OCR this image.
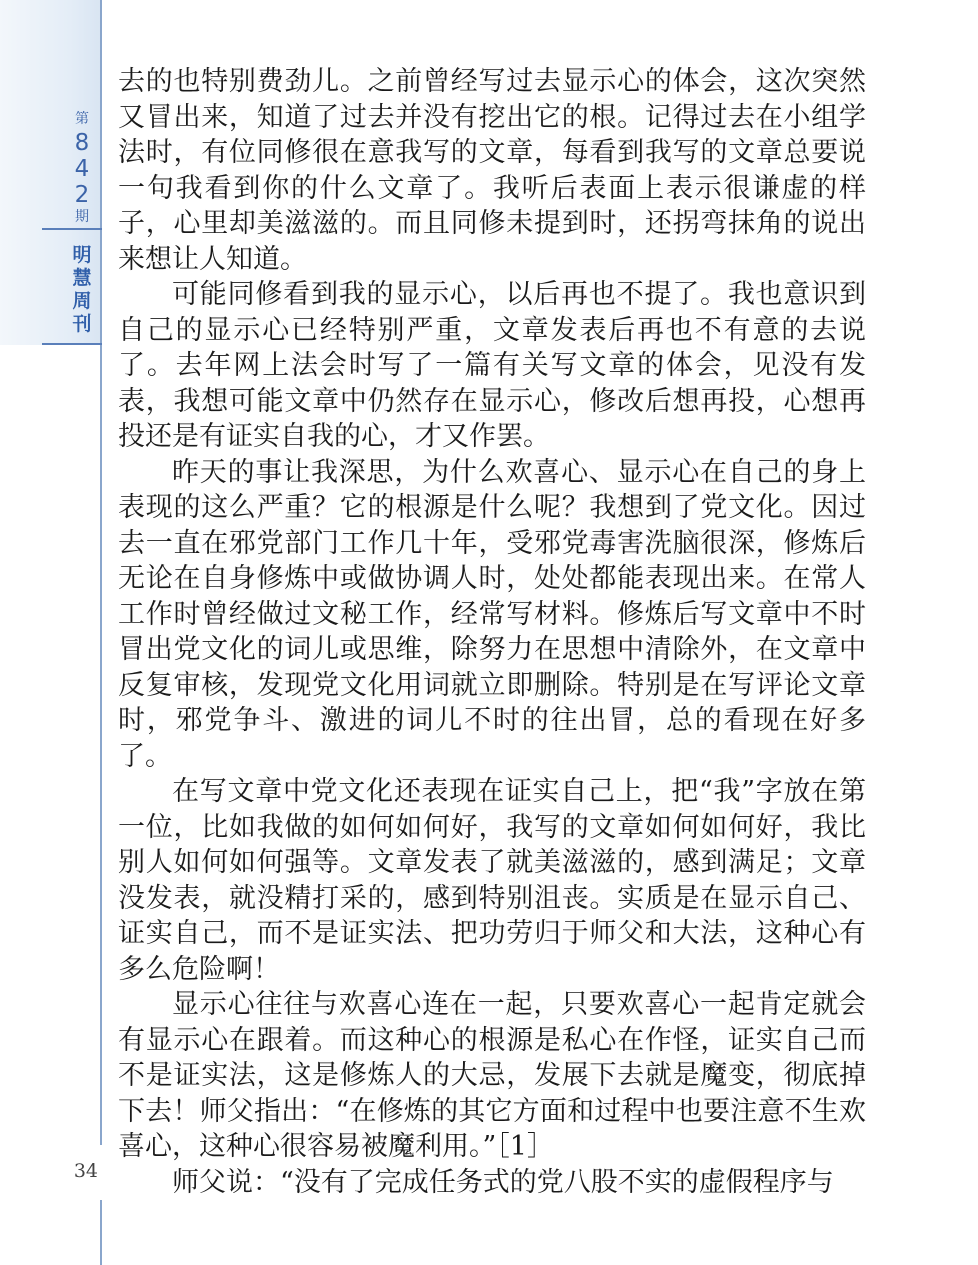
第
8
4
2
期
明
慧
周
刊
34

去的也特别费劲儿。之前曾经写过去显示心的体会，这次突然又冒出来，知道了过去并没有挖出它的根。记得过去在小组学法时，有位同修很在意我写的文章，每看到我写的文章总要说一句我看到你的什么文章了。我听后表面上表示很谦虚的样子，心里却美滋滋的。而且同修未提到时，还拐弯抹角的说出来想让人知道。

可能同修看到我的显示心，以后再也不提了。我也意识到自己的显示心已经特别严重，文章发表后再也不有意的去说了。去年网上法会时写了一篇有关写文章的体会，见没有发表，我想可能文章中仍然存在显示心，修改后想再投，心想再投还是有证实自我的心，才又作罢。

昨天的事让我深思，为什么欢喜心、显示心在自己的身上表现的这么严重？它的根源是什么呢？我想到了党文化。因过去一直在邪党部门工作几十年，受邪党毒害洗脑很深，修炼后无论在自身修炼中或做协调人时，处处都能表现出来。在常人工作时曾经做过文秘工作，经常写材料。修炼后写文章中不时冒出党文化的词儿或思维，除努力在思想中清除外，在文章中反复审核，发现党文化用词就立即删除。特别是在写评论文章时，邪党争斗、激进的词儿不时的往出冒，总的看现在好多了。

在写文章中党文化还表现在证实自己上，把“我”字放在第一位，比如我做的如何如何好，我写的文章如何如何好，我比别人如何如何强等。文章发表了就美滋滋的，感到满足；文章没发表，就没精打采的，感到特别沮丧。实质是在显示自己、证实自己，而不是证实法、把功劳归于师父和大法，这种心有多么危险啊！

显示心往往与欢喜心连在一起，只要欢喜心一起肯定就会有显示心在跟着。而这种心的根源是私心在作怪，证实自己而不是证实法，这是修炼人的大忌，发展下去就是魔变，彻底掉下去！师父指出：“在修炼的其它方面和过程中也要注意不生欢喜心，这种心很容易被魔利用。”［1］

师父说：“没有了完成任务式的党八股不实的虚假程序与
